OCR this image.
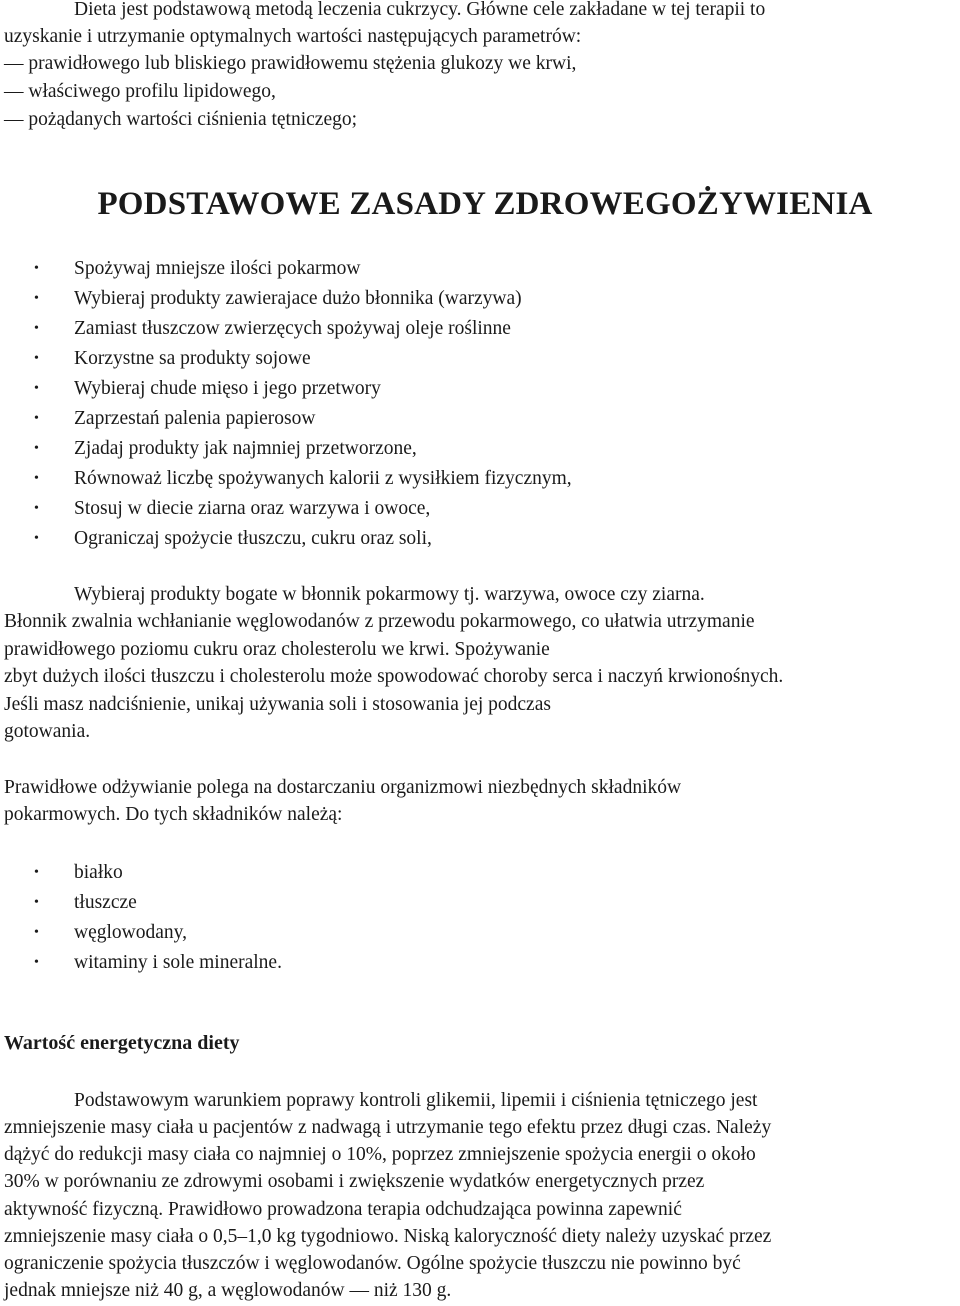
Dieta jest podstawową metodą leczenia cukrzycy. Główne cele zakładane w tej terapii to
uzyskanie i utrzymanie optymalnych wartości następujących parametrów:
— prawidłowego lub bliskiego prawidłowemu stężenia glukozy we krwi,
— właściwego profilu lipidowego,
— pożądanych wartości ciśnienia tętniczego;
PODSTAWOWE ZASADY ZDROWEGOŻYWIENIA
• Spożywaj mniejsze ilości pokarmow
• Wybieraj produkty zawierajace dużo błonnika (warzywa)
• Zamiast tłuszczow zwierzęcych spożywaj oleje roślinne
• Korzystne sa produkty sojowe
• Wybieraj chude mięso i jego przetwory
• Zaprzestań palenia papierosow
• Zjadaj produkty jak najmniej przetworzone,
• Równoważ liczbę spożywanych kalorii z wysiłkiem fizycznym,
• Stosuj w diecie ziarna oraz warzywa i owoce,
• Ograniczaj spożycie tłuszczu, cukru oraz soli,
Wybieraj produkty bogate w błonnik pokarmowy tj. warzywa, owoce czy ziarna.
Błonnik zwalnia wchłanianie węglowodanów z przewodu pokarmowego, co ułatwia utrzymanie
prawidłowego poziomu cukru oraz cholesterolu we krwi. Spożywanie
zbyt dużych ilości tłuszczu i cholesterolu może spowodować choroby serca i naczyń krwionośnych.
Jeśli masz nadciśnienie, unikaj używania soli i stosowania jej podczas
gotowania.
Prawidłowe odżywianie polega na dostarczaniu organizmowi niezbędnych składników
pokarmowych. Do tych składników należą:
• białko
• tłuszcze
• węglowodany,
• witaminy i sole mineralne.
Wartość energetyczna diety
Podstawowym warunkiem poprawy kontroli glikemii, lipemii i ciśnienia tętniczego jest
zmniejszenie masy ciała u pacjentów z nadwagą i utrzymanie tego efektu przez długi czas. Należy
dążyć do redukcji masy ciała co najmniej o 10%, poprzez zmniejszenie spożycia energii o około
30% w porównaniu ze zdrowymi osobami i zwiększenie wydatków energetycznych przez
aktywność fizyczną. Prawidłowo prowadzona terapia odchudzająca powinna zapewnić
zmniejszenie masy ciała o 0,5–1,0 kg tygodniowo. Niską kaloryczność diety należy uzyskać przez
ograniczenie spożycia tłuszczów i węglowodanów. Ogólne spożycie tłuszczu nie powinno być
jednak mniejsze niż 40 g, a węglowodanów — niż 130 g.
